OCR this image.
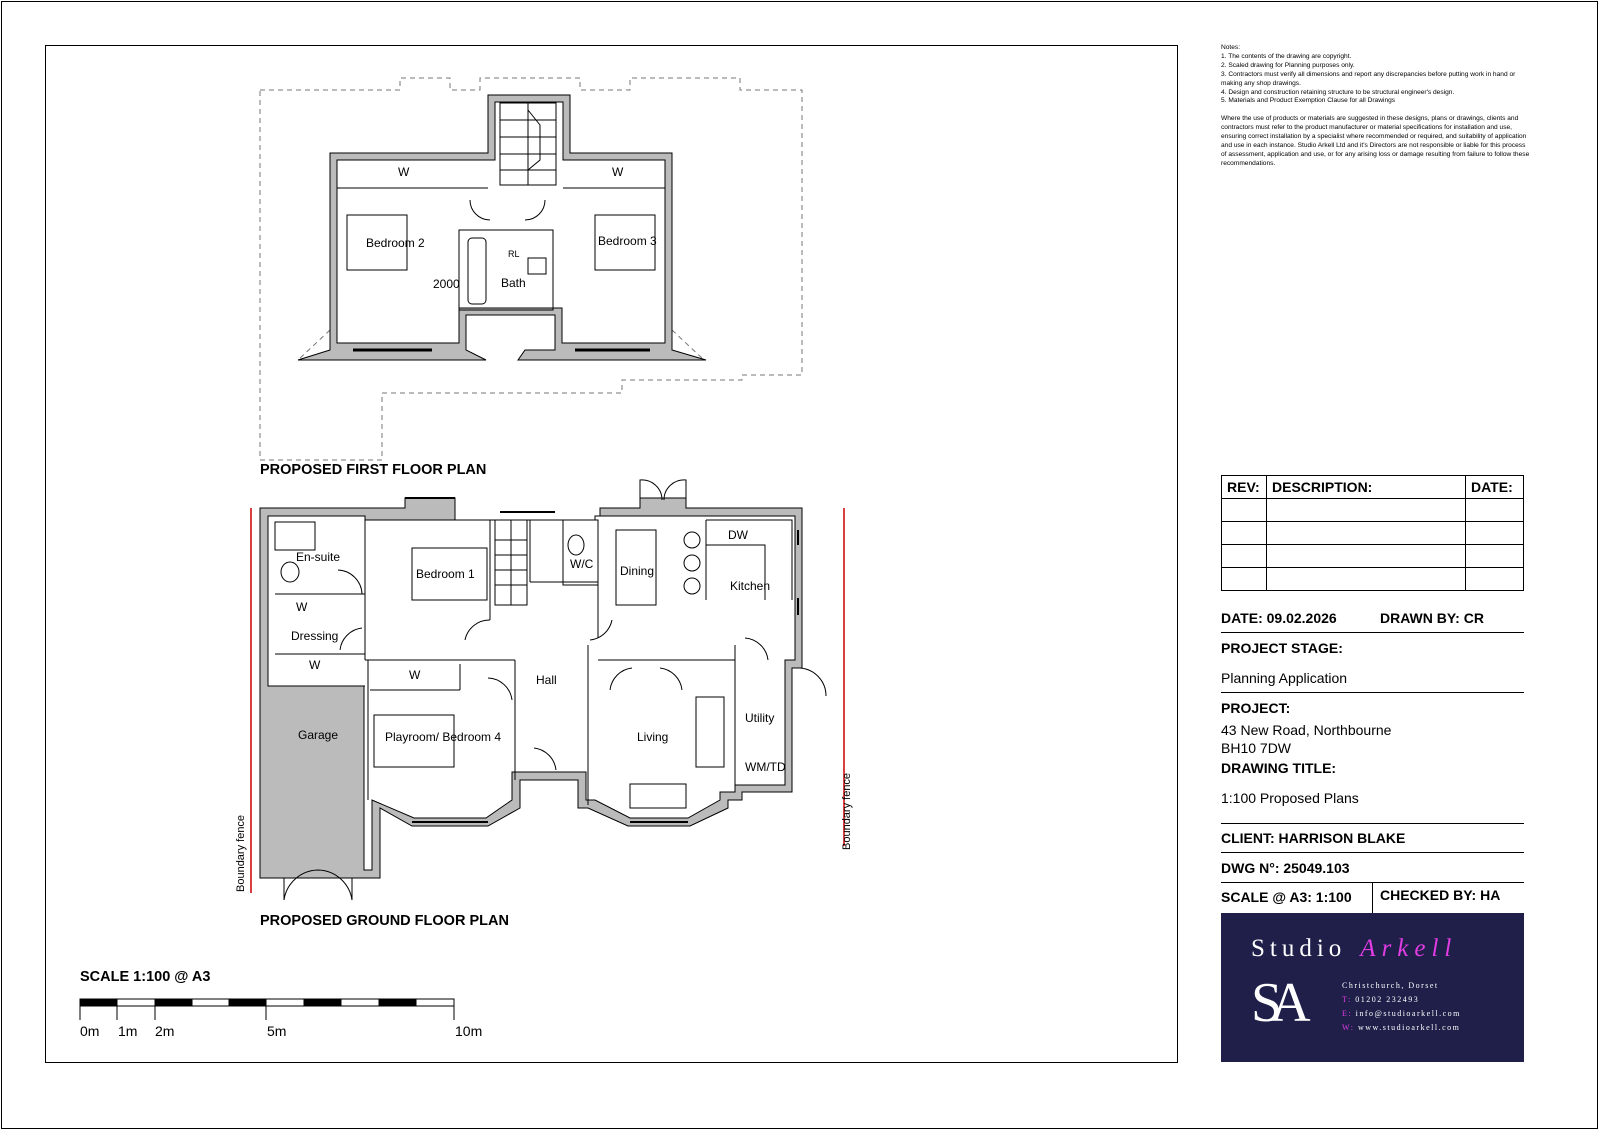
PROPOSED FIRST FLOOR PLAN
W	W
Bedroom 2	Bedroom 3
Bath
RL
2000
PROPOSED GROUND FLOOR PLAN
En-suite
Bedroom 1
W/C Dining
DW
Kitchen
W
Dressing
W
W	Hall
Utility
Garage	Playroom/ Bedroom 4	Living
WM/TD
Boundary fence
Boundary fence
SCALE 1:100 @ A3
0m 1m 2m	5m	10m

Notes:

1. The contents of the drawing are copyright.

2. Scaled drawing for Planning purposes only.

3. Contractors must verify all dimensions and report any discrepancies before putting work in hand or making any shop drawings.

4. Design and construction retaining structure to be structural engineer's design.

5. Materials and Product Exemption Clause for all Drawings

Where the use of products or materials are suggested in these designs, plans or drawings, clients and contractors must refer to the product manufacturer or material specifications for installation and use, ensuring correct installation by a specialist where recommended or required, and suitability of application and use in each instance. Studio Arkell Ltd and it's Directors are not responsible or liable for this process of assessment, application and use, or for any arising loss or damage resulting from failure to follow these recommendations.

REV:	DESCRIPTION:	DATE:

DATE: 09.02.2026	DRAWN BY: CR
PROJECT STAGE:
Planning Application
PROJECT:
43 New Road, Northbourne
BH10 7DW
DRAWING TITLE:
1:100 Proposed Plans
CLIENT: HARRISON BLAKE
DWG N°: 25049.103
SCALE @ A3: 1:100	CHECKED BY: HA
Studio Arkell
SA	Christchurch, Dorset
T: 01202 232493
E: info@studioarkell.com
W: www.studioarkell.com
